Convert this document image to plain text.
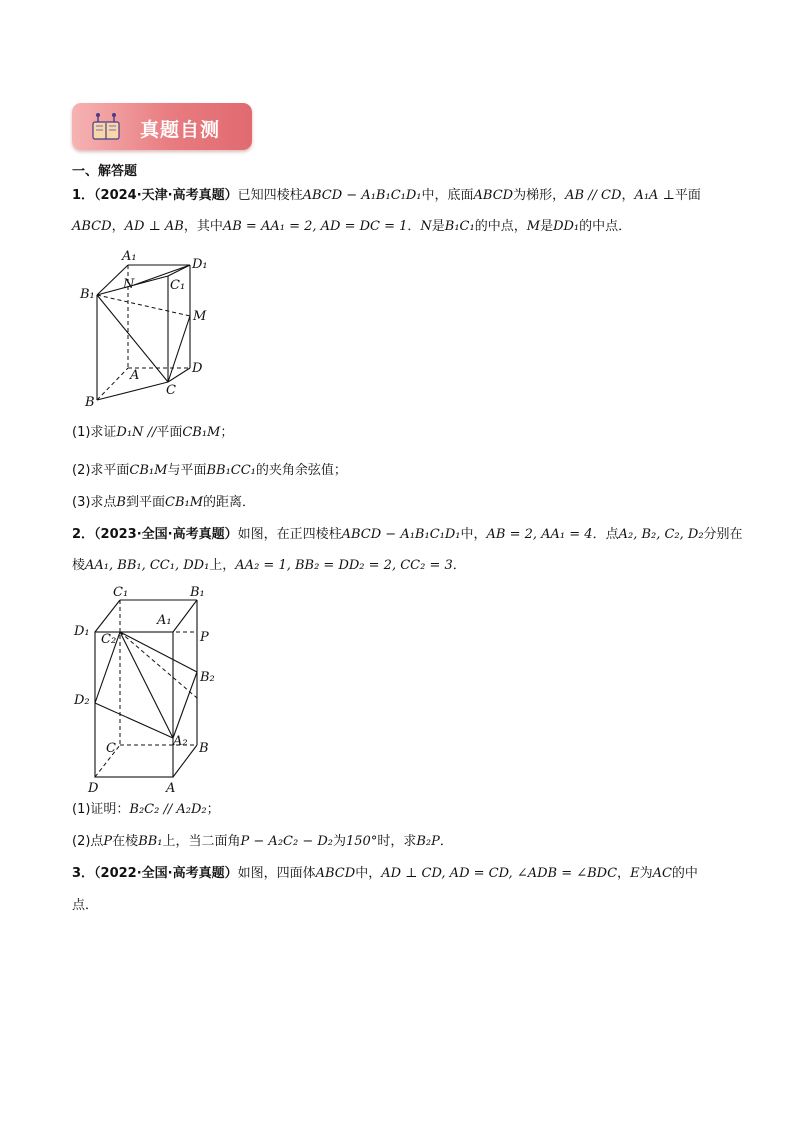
真题自测
一、解答题
1．（2024·天津·高考真题）已知四棱柱ABCD − A₁B₁C₁D₁中，底面ABCD为梯形，AB // CD，A₁A ⊥平面
ABCD，AD ⊥ AB，其中AB = AA₁ = 2, AD = DC = 1．N是B₁C₁的中点，M是DD₁的中点．
A₁
D₁
B₁
N	C₁
M
A	D
C
B
(1)求证D₁N //平面CB₁M；
(2)求平面CB₁M与平面BB₁CC₁的夹角余弦值；
(3)求点B到平面CB₁M的距离．
2．（2023·全国·高考真题）如图，在正四棱柱ABCD − A₁B₁C₁D₁中，AB = 2, AA₁ = 4．点A₂, B₂, C₂, D₂分别在
棱AA₁, BB₁, CC₁, DD₁上，AA₂ = 1, BB₂ = DD₂ = 2, CC₂ = 3．
C₁	B₁
A₁
D₁
C₂	P
B₂
D₂
A₂
C	B
D	A
(1)证明：B₂C₂ // A₂D₂；
(2)点P在棱BB₁上，当二面角P − A₂C₂ − D₂为150°时，求B₂P．
3．（2022·全国·高考真题）如图，四面体ABCD中，AD ⊥ CD, AD = CD, ∠ADB = ∠BDC，E为AC的中
点．
